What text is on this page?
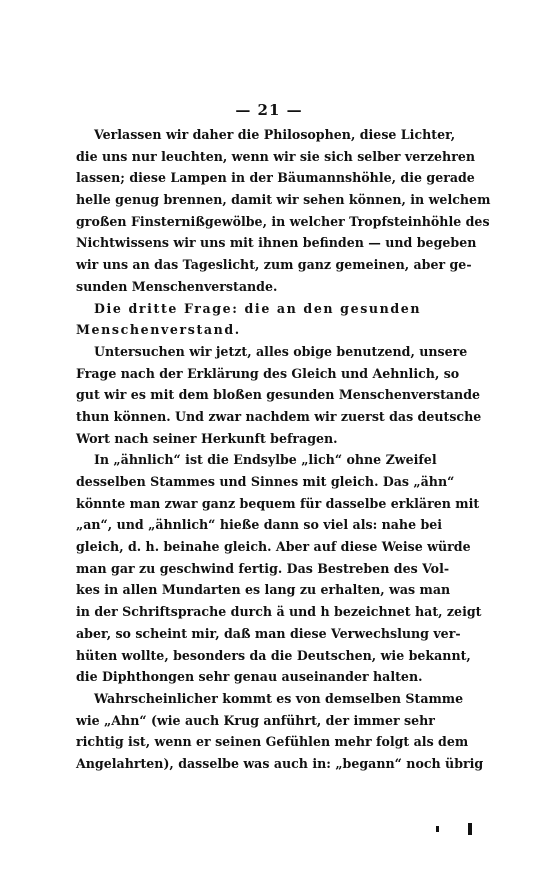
— 21 —
Verlassen wir daher die Philosophen, diese Lichter,
die uns nur leuchten, wenn wir sie sich selber verzehren
lassen; diese Lampen in der Bäumannshöhle, die gerade
helle genug brennen, damit wir sehen können, in welchem
großen Finsternißgewölbe, in welcher Tropfsteinhöhle des
Nichtwissens wir uns mit ihnen befinden — und begeben
wir uns an das Tageslicht, zum ganz gemeinen, aber ge-
sunden Menschenverstande.
Die dritte Frage: die an den gesunden
Menschenverstand.
Untersuchen wir jetzt, alles obige benutzend, unsere
Frage nach der Erklärung des Gleich und Aehnlich, so
gut wir es mit dem bloßen gesunden Menschenverstande
thun können. Und zwar nachdem wir zuerst das deutsche
Wort nach seiner Herkunft befragen.
In „ähnlich“ ist die Endsylbe „lich“ ohne Zweifel
desselben Stammes und Sinnes mit gleich. Das „ähn“
könnte man zwar ganz bequem für dasselbe erklären mit
„an“, und „ähnlich“ hieße dann so viel als: nahe bei
gleich, d. h. beinahe gleich. Aber auf diese Weise würde
man gar zu geschwind fertig. Das Bestreben des Vol-
kes in allen Mundarten es lang zu erhalten, was man
in der Schriftsprache durch ä und h bezeichnet hat, zeigt
aber, so scheint mir, daß man diese Verwechslung ver-
hüten wollte, besonders da die Deutschen, wie bekannt,
die Diphthongen sehr genau auseinander halten.
Wahrscheinlicher kommt es von demselben Stamme
wie „Ahn“ (wie auch Krug anführt, der immer sehr
richtig ist, wenn er seinen Gefühlen mehr folgt als dem
Angelahrten), dasselbe was auch in: „begann“ noch übrig
